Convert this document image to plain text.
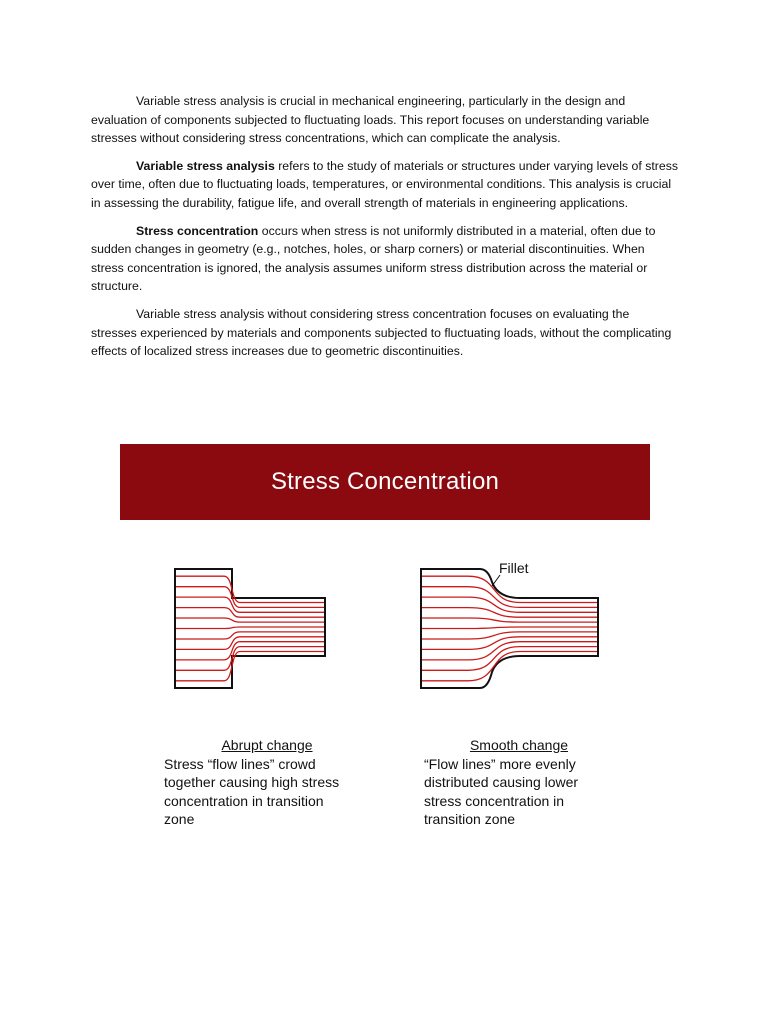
Variable stress analysis is crucial in mechanical engineering, particularly in the design and evaluation of components subjected to fluctuating loads. This report focuses on understanding variable stresses without considering stress concentrations, which can complicate the analysis.

Variable stress analysis refers to the study of materials or structures under varying levels of stress over time, often due to fluctuating loads, temperatures, or environmental conditions. This analysis is crucial in assessing the durability, fatigue life, and overall strength of materials in engineering applications.

Stress concentration occurs when stress is not uniformly distributed in a material, often due to sudden changes in geometry (e.g., notches, holes, or sharp corners) or material discontinuities. When stress concentration is ignored, the analysis assumes uniform stress distribution across the material or structure.

Variable stress analysis without considering stress concentration focuses on evaluating the stresses experienced by materials and components subjected to fluctuating loads, without the complicating effects of localized stress increases due to geometric discontinuities.

Stress Concentration
Fillet
Abrupt change
Stress “flow lines” crowd
together causing high stress
concentration in transition
zone
Smooth change
“Flow lines” more evenly
distributed causing lower
stress concentration in
transition zone
